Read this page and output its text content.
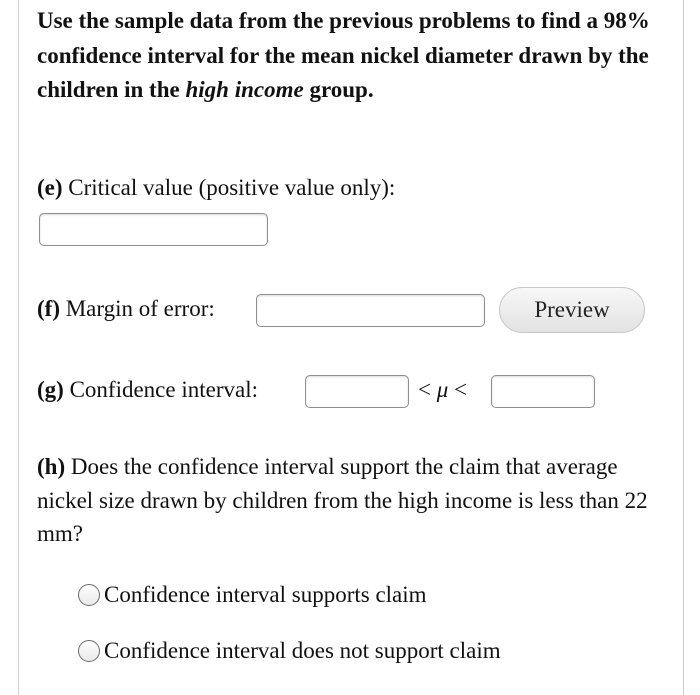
Use the sample data from the previous problems to find a 98% confidence interval for the mean nickel diameter drawn by the children in the high income group.
(e) Critical value (positive value only):
(f) Margin of error:	Preview
(g) Confidence interval:	< μ <
(h) Does the confidence interval support the claim that average nickel size drawn by children from the high income is less than 22 mm?
Confidence interval supports claim
Confidence interval does not support claim
